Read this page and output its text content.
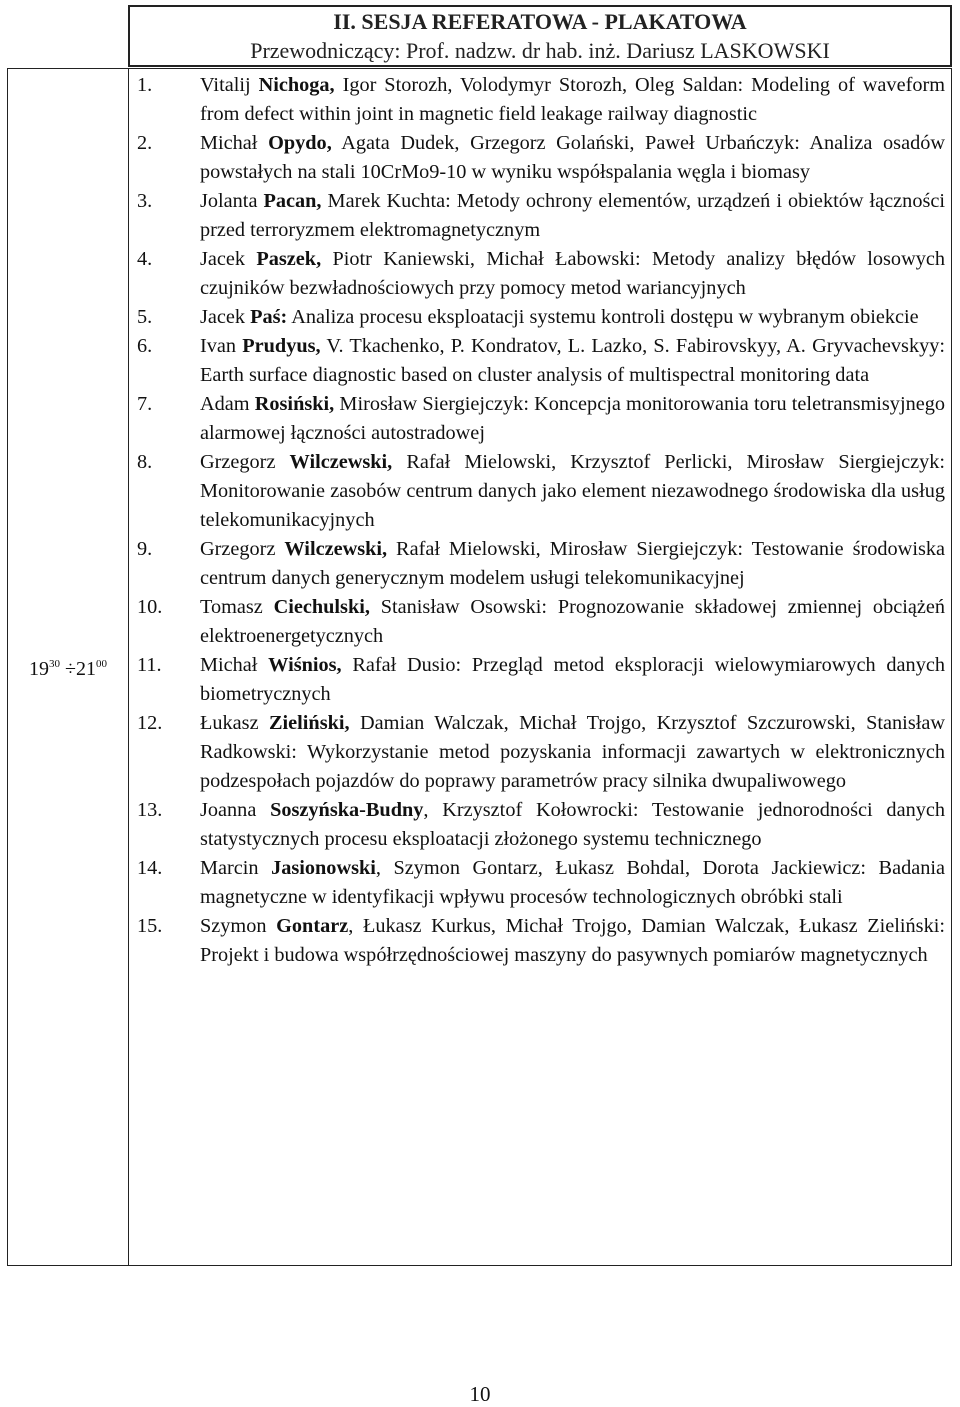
II. SESJA REFERATOWA - PLAKATOWA
Przewodniczący: Prof. nadzw. dr hab. inż. Dariusz LASKOWSKI
$19^{30} \div 21^{00}$
1. Vitalij Nichoga, Igor Storozh, Volodymyr Storozh, Oleg Saldan: Modeling of waveform from defect within joint in magnetic field leakage railway diagnostic
2. Michał Opydo, Agata Dudek, Grzegorz Golański, Paweł Urbańczyk: Analiza osadów powstałych na stali 10CrMo9-10 w wyniku współspalania węgla i biomasy
3. Jolanta Pacan, Marek Kuchta: Metody ochrony elementów, urządzeń i obiektów łączności przed terroryzmem elektromagnetycznym
4. Jacek Paszek, Piotr Kaniewski, Michał Łabowski: Metody analizy błędów losowych czujników bezwładnościowych przy pomocy metod wariancyjnych
5. Jacek Paś: Analiza procesu eksploatacji systemu kontroli dostępu w wybranym obiekcie
6. Ivan Prudyus, V. Tkachenko, P. Kondratov, L. Lazko, S. Fabirovskyy, A. Gryvachevskyy: Earth surface diagnostic based on cluster analysis of multispectral monitoring data
7. Adam Rosiński, Mirosław Siergiejczyk: Koncepcja monitorowania toru teletransmisyjnego alarmowej łączności autostradowej
8. Grzegorz Wilczewski, Rafał Mielowski, Krzysztof Perlicki, Mirosław Siergiejczyk: Monitorowanie zasobów centrum danych jako element niezawodnego środowiska dla usług telekomunikacyjnych
9. Grzegorz Wilczewski, Rafał Mielowski, Mirosław Siergiejczyk: Testowanie środowiska centrum danych generycznym modelem usługi telekomunikacyjnej
10. Tomasz Ciechulski, Stanisław Osowski: Prognozowanie składowej zmiennej obciążeń elektroenergetycznych
11. Michał Wiśnios, Rafał Dusio: Przegląd metod eksploracji wielowymiarowych danych biometrycznych
12. Łukasz Zieliński, Damian Walczak, Michał Trojgo, Krzysztof Szczurowski, Stanisław Radkowski: Wykorzystanie metod pozyskania informacji zawartych w elektronicznych podzespołach pojazdów do poprawy parametrów pracy silnika dwupaliwowego
13. Joanna Soszyńska-Budny, Krzysztof Kołowrocki: Testowanie jednorodności danych statystycznych procesu eksploatacji złożonego systemu technicznego
14. Marcin Jasionowski, Szymon Gontarz, Łukasz Bohdal, Dorota Jackiewicz: Badania magnetyczne w identyfikacji wpływu procesów technologicznych obróbki stali
15. Szymon Gontarz, Łukasz Kurkus, Michał Trojgo, Damian Walczak, Łukasz Zieliński: Projekt i budowa współrzędnościowej maszyny do pasywnych pomiarów magnetycznych
10
